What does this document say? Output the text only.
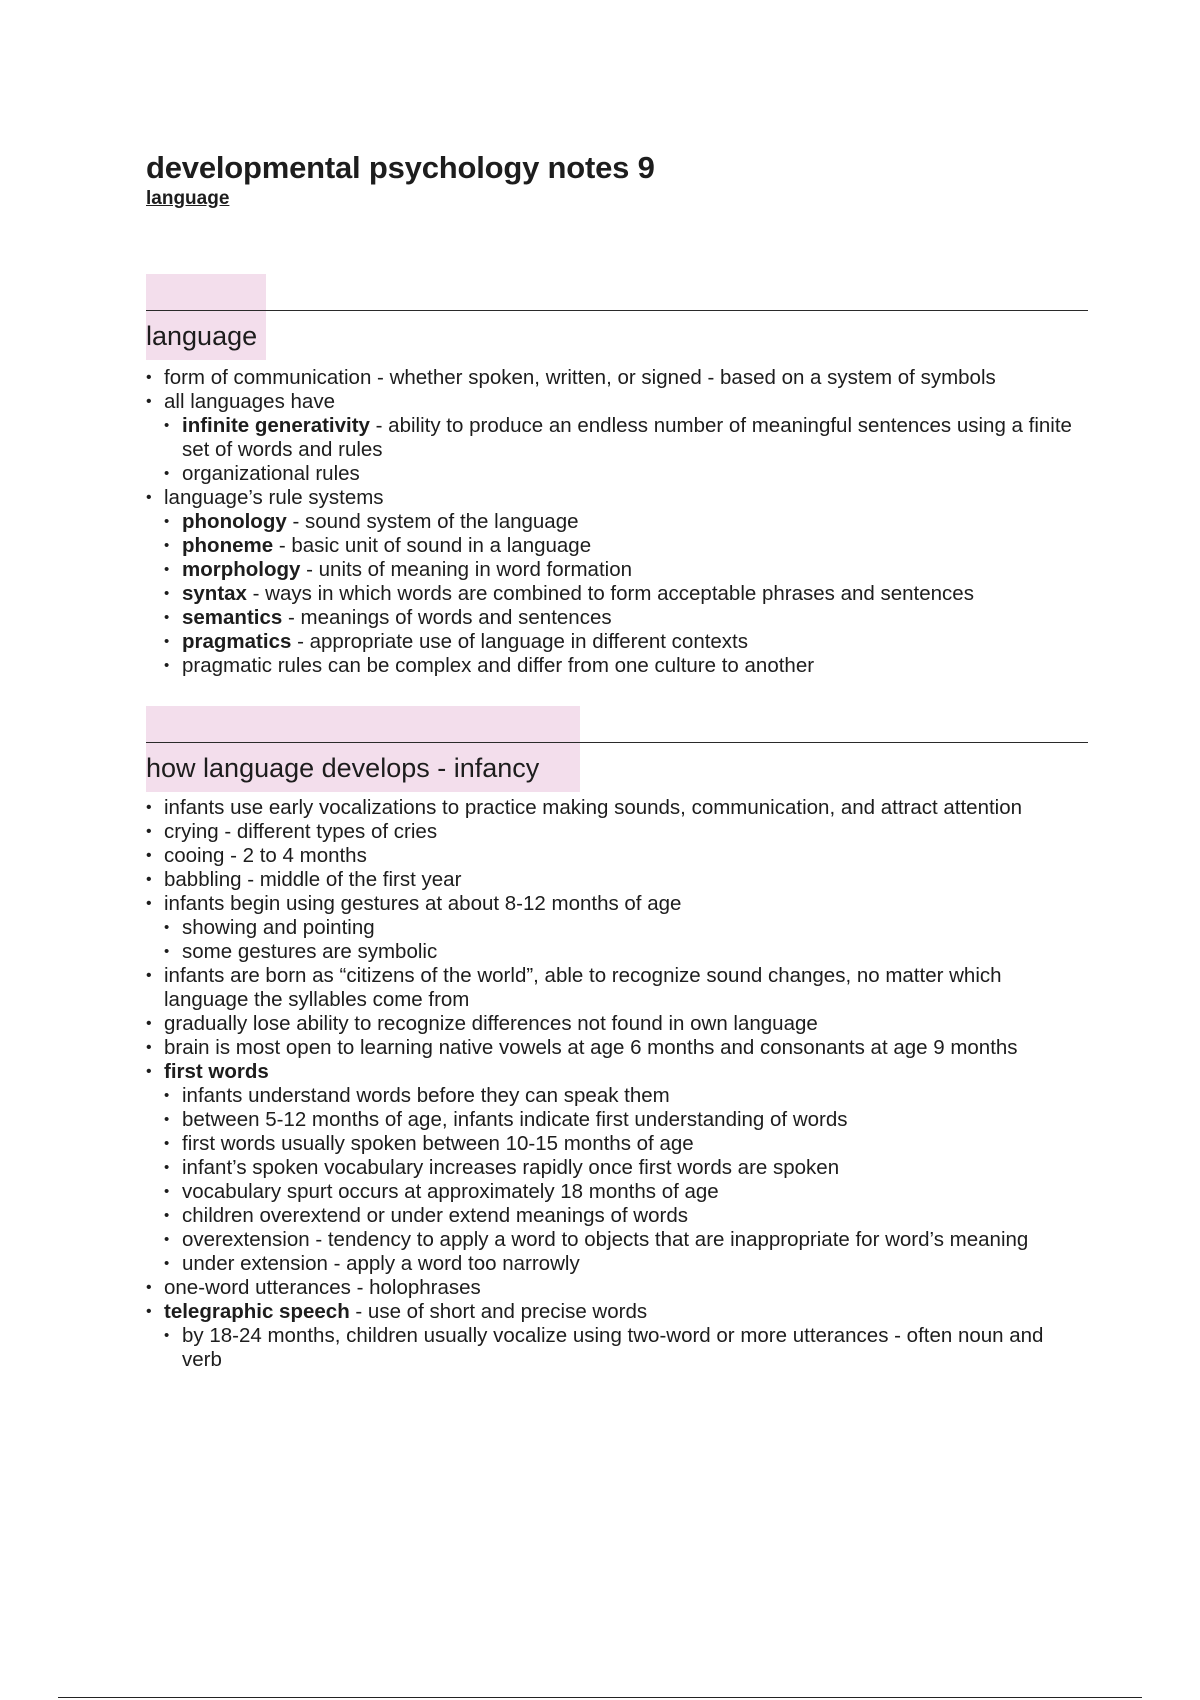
developmental psychology notes 9
language
language
• form of communication - whether spoken, written, or signed - based on a system of symbols
• all languages have
• infinite generativity - ability to produce an endless number of meaningful sentences using a finite set of words and rules
• organizational rules
• language’s rule systems
• phonology - sound system of the language
• phoneme - basic unit of sound in a language
• morphology - units of meaning in word formation
• syntax - ways in which words are combined to form acceptable phrases and sentences
• semantics - meanings of words and sentences
• pragmatics - appropriate use of language in different contexts
• pragmatic rules can be complex and differ from one culture to another
how language develops - infancy
• infants use early vocalizations to practice making sounds, communication, and attract attention
• crying - different types of cries
• cooing - 2 to 4 months
• babbling - middle of the first year
• infants begin using gestures at about 8-12 months of age
• showing and pointing
• some gestures are symbolic
• infants are born as “citizens of the world”, able to recognize sound changes, no matter which language the syllables come from
• gradually lose ability to recognize differences not found in own language
• brain is most open to learning native vowels at age 6 months and consonants at age 9 months
• first words
• infants understand words before they can speak them
• between 5-12 months of age, infants indicate first understanding of words
• first words usually spoken between 10-15 months of age
• infant’s spoken vocabulary increases rapidly once first words are spoken
• vocabulary spurt occurs at approximately 18 months of age
• children overextend or under extend meanings of words
• overextension - tendency to apply a word to objects that are inappropriate for word’s meaning
• under extension - apply a word too narrowly
• one-word utterances - holophrases
• telegraphic speech - use of short and precise words
• by 18-24 months, children usually vocalize using two-word or more utterances - often noun and verb
